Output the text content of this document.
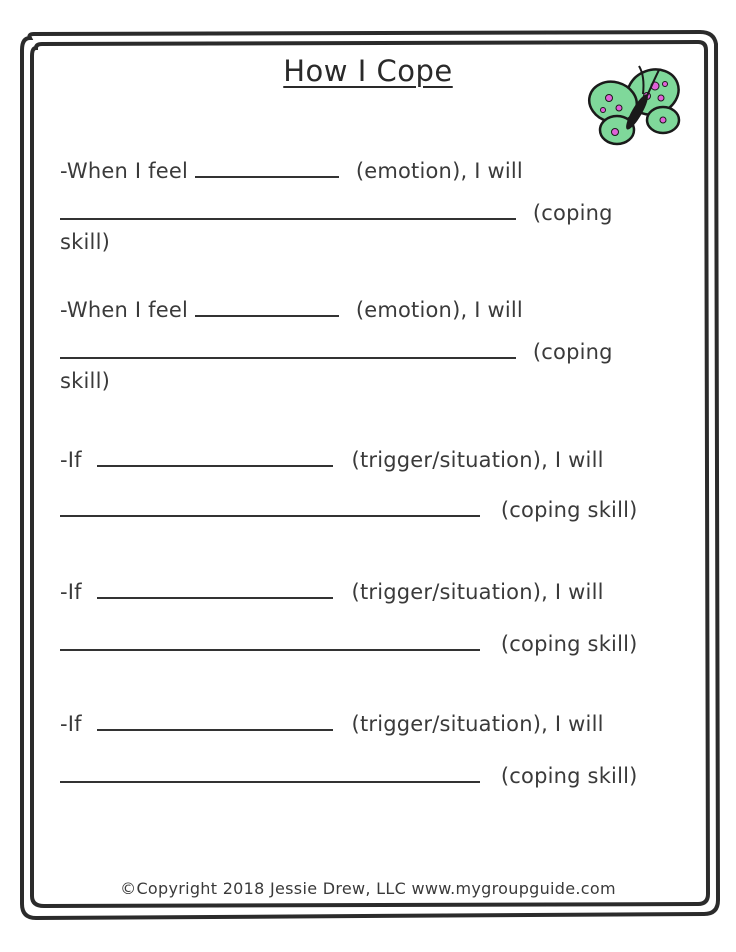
How I Cope
-When I feel	(emotion), I will
(coping
skill)
-When I feel	(emotion), I will
(coping
skill)
-If	(trigger/situation), I will
(coping skill)
-If	(trigger/situation), I will
(coping skill)
-If	(trigger/situation), I will
(coping skill)
©Copyright 2018 Jessie Drew, LLC www.mygroupguide.com
